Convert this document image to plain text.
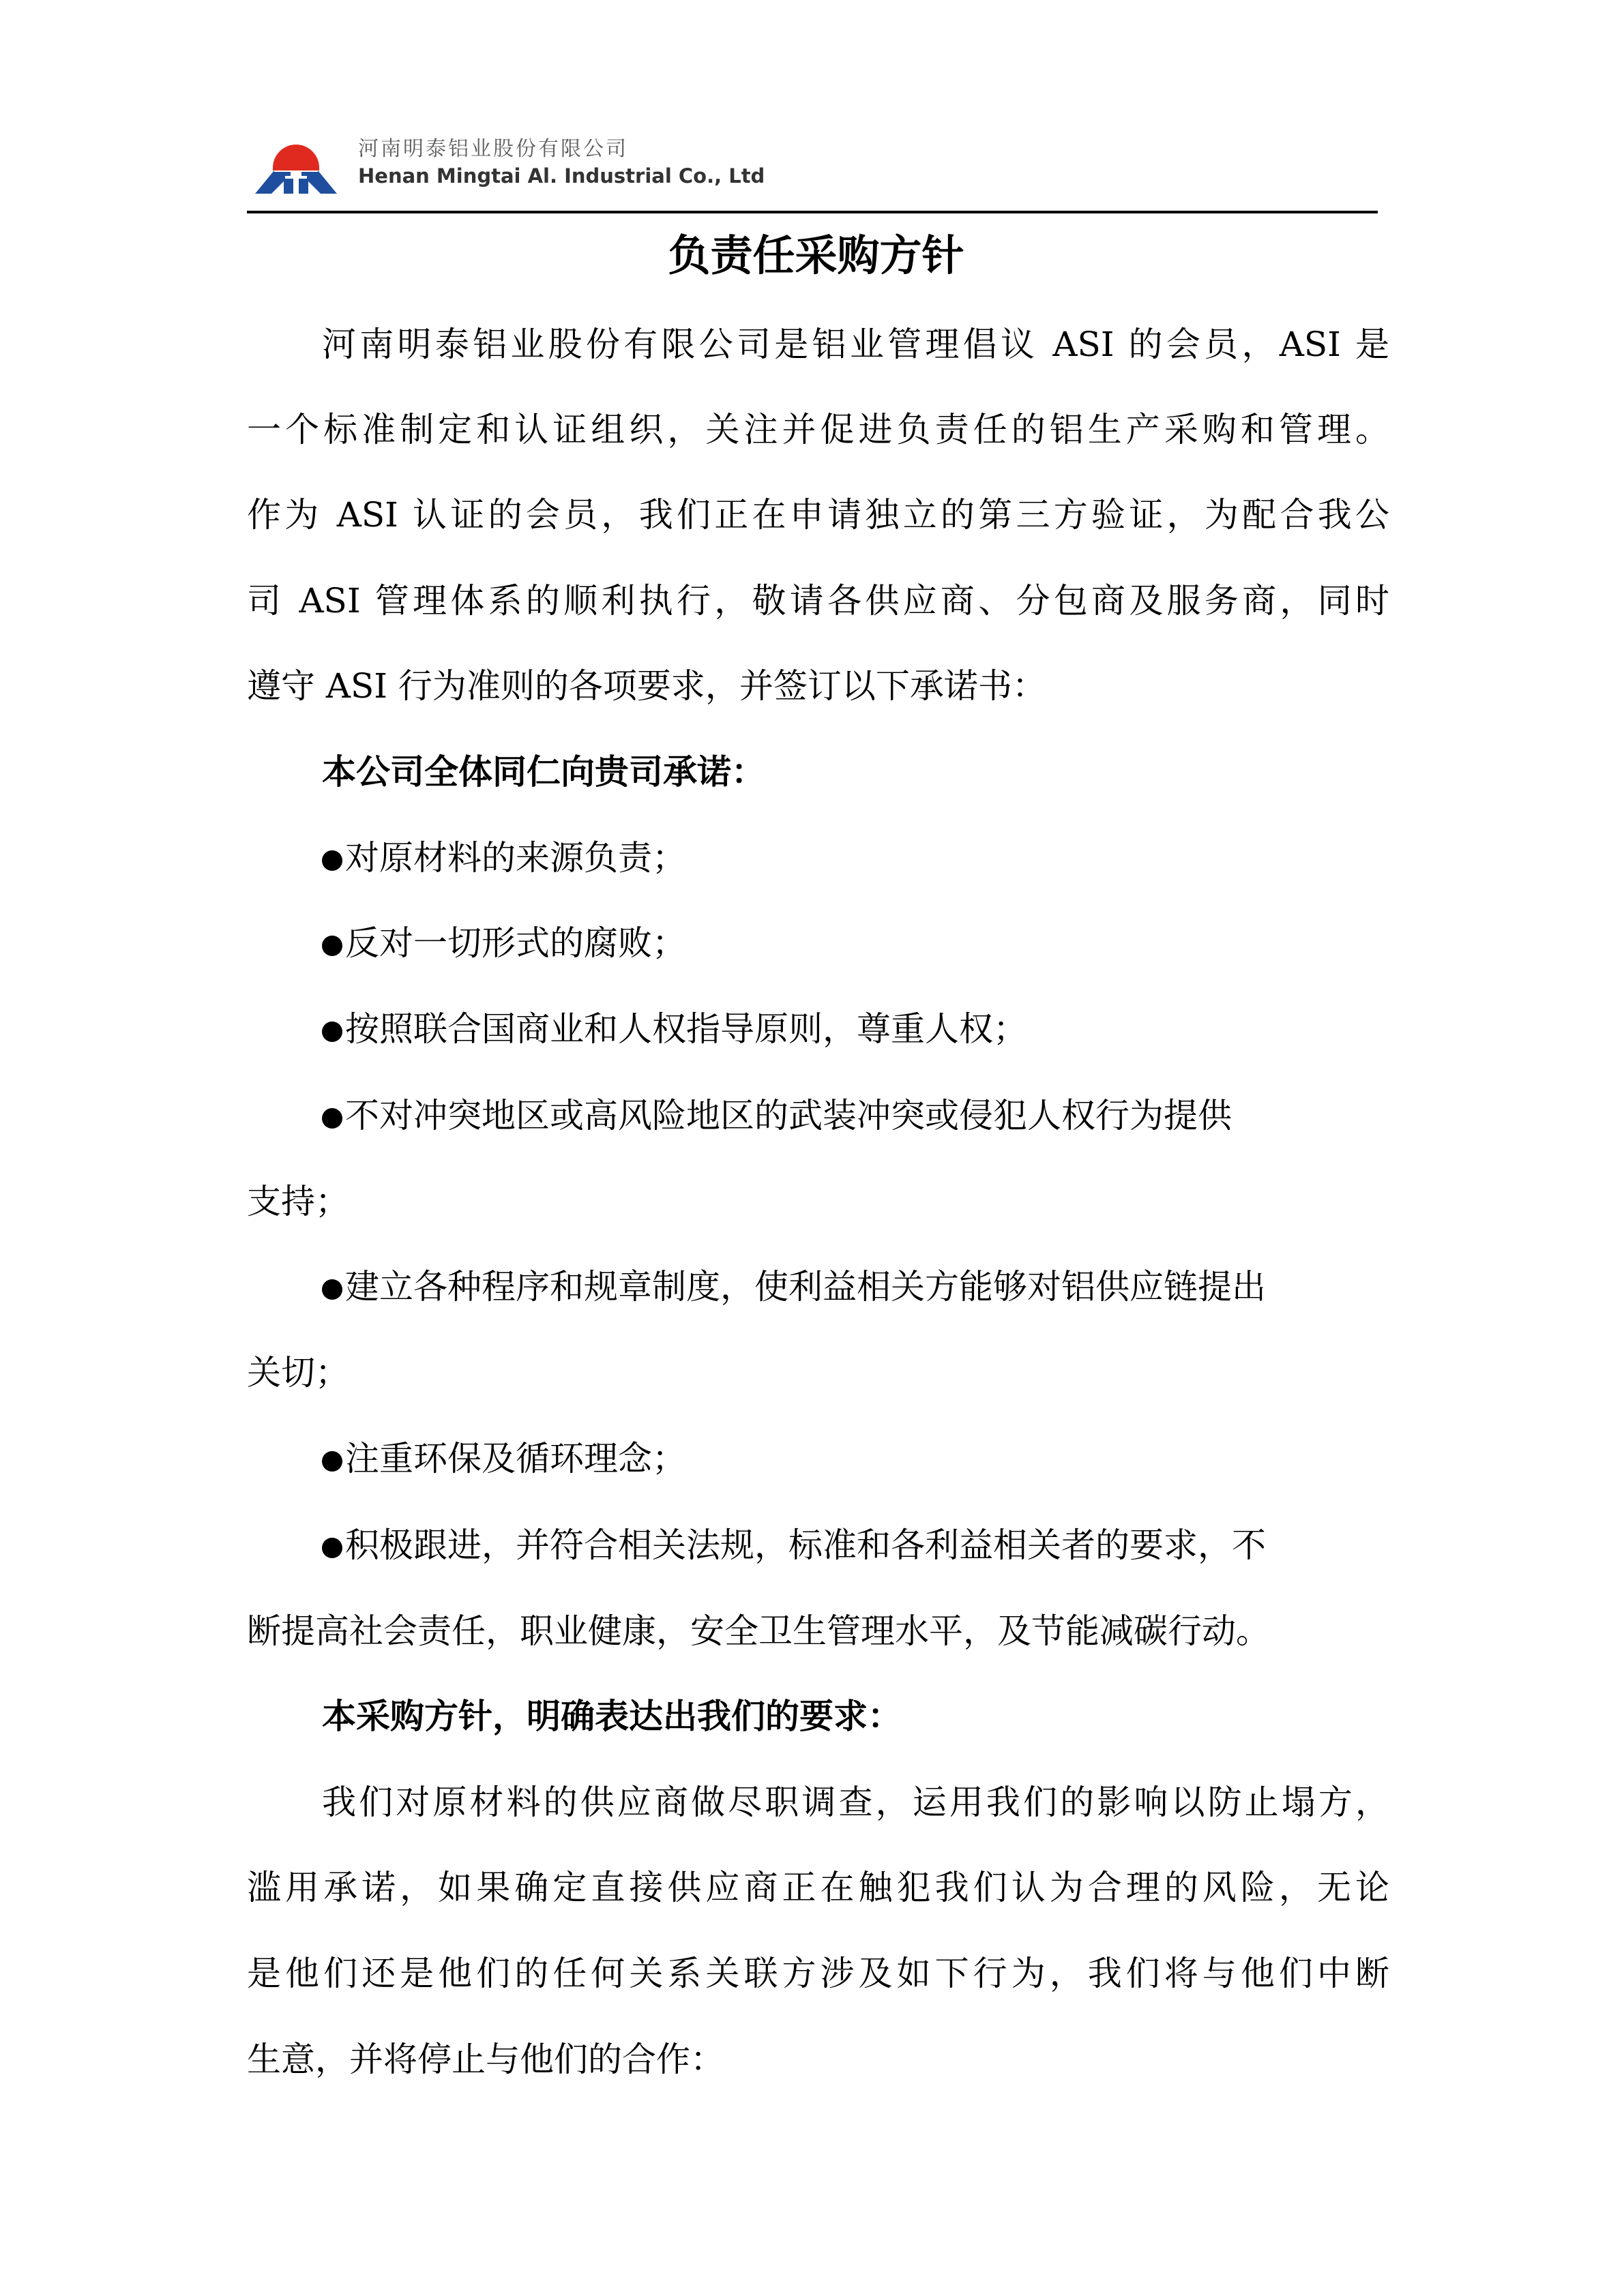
河南明泰铝业股份有限公司
Henan Mingtai Al. Industrial Co., Ltd
负责任采购方针
河南明泰铝业股份有限公司是铝业管理倡议 ASI 的会员，ASI 是
一个标准制定和认证组织，关注并促进负责任的铝生产采购和管理。
作为 ASI 认证的会员，我们正在申请独立的第三方验证，为配合我公
司 ASI 管理体系的顺利执行，敬请各供应商、分包商及服务商，同时
遵守 ASI 行为准则的各项要求，并签订以下承诺书：
本公司全体同仁向贵司承诺：
对原材料的来源负责；
反对一切形式的腐败；
按照联合国商业和人权指导原则，尊重人权；
不对冲突地区或高风险地区的武装冲突或侵犯人权行为提供
支持；
建立各种程序和规章制度，使利益相关方能够对铝供应链提出
关切；
注重环保及循环理念；
积极跟进，并符合相关法规，标准和各利益相关者的要求，不
断提高社会责任，职业健康，安全卫生管理水平，及节能减碳行动。
本采购方针，明确表达出我们的要求：
我们对原材料的供应商做尽职调查，运用我们的影响以防止塌方，
滥用承诺，如果确定直接供应商正在触犯我们认为合理的风险，无论
是他们还是他们的任何关系关联方涉及如下行为，我们将与他们中断
生意，并将停止与他们的合作：
